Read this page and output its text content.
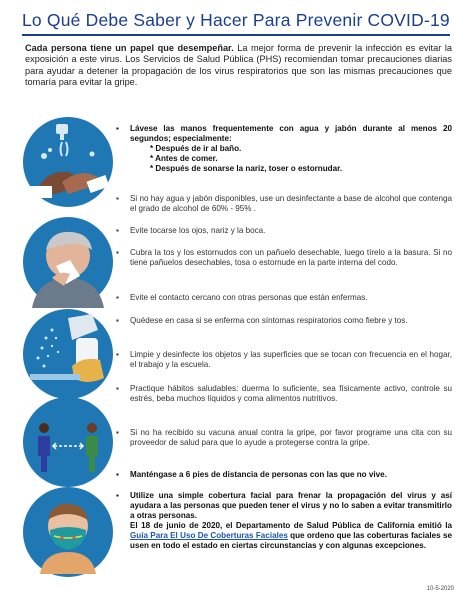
Lo Qué Debe Saber y Hacer Para Prevenir COVID-19
Cada persona tiene un papel que desempeñar. La mejor forma de prevenir la infección es evitar la exposición a este virus. Los Servicios de Salud Pública (PHS) recomiendan tomar precauciones diarias para ayudar a detener la propagación de los virus respiratorios que son las mismas precauciones que tomaría para evitar la gripe.
▪ Lávese las manos frequentemente con agua y jabón durante al menos 20 segundos; especialmente:
* Después de ir al baño.
* Antes de comer.
* Después de sonarse la nariz, toser o estornudar.
▪ Si no hay agua y jabón disponibles, use un desinfectante a base de alcohol que contenga el grado de alcohol de 60% - 95% .
▪ Evite tocarse los ojos, nariz y la boca.
▪ Cubra la tos y los estornudos con un pañuelo desechable, luego tírelo a la basura. Si no tiene pañuelos desechables, tosa o estornude en la parte interna del codo.
▪ Evite el contacto cercano con otras personas que están enfermas.
▪ Quédese en casa si se enferma con síntomas respiratorios como fiebre y tos.
▪ Limpie y desinfecte los objetos y las superficies que se tocan con frecuencia en el hogar, el trabajo y la escuela.
▪ Practique hábitos saludables: duerma lo suficiente, sea físicamente activo, controle su estrés, beba muchos líquidos y coma alimentos nutritivos.
▪ Si no ha recibido su vacuna anual contra la gripe, por favor programe una cita con su proveedor de salud para que lo ayude a protegerse contra la gripe.
▪ Manténgase a 6 pies de distancia de personas con las que no vive.
▪ Utilize una simple cobertura facial para frenar la propagación del virus y así ayudara a las personas que pueden tener el virus y no lo saben a evitar transmitirlo a otras personas.
El 18 de junio de 2020, el Departamento de Salud Pública de California emitió la Guía Para El Uso De Coberturas Faciales que ordeno que las coberturas faciales se usen en todo el estado en ciertas circunstancias y con algunas excepciones.
10-5-2020
